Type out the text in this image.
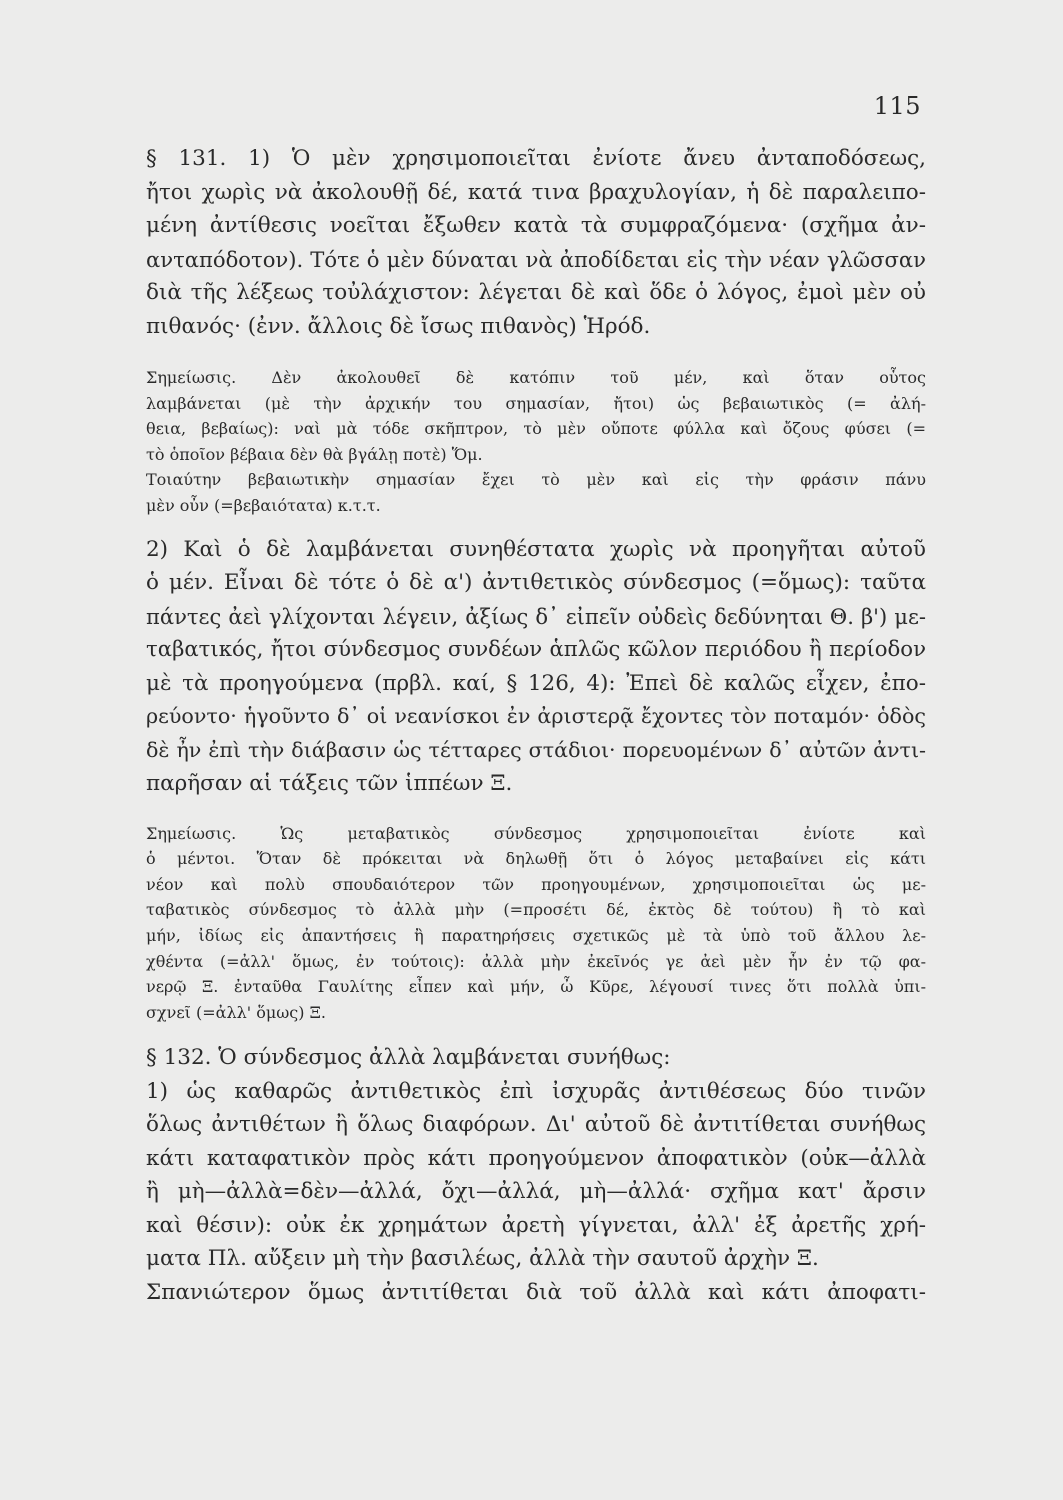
115
§ 131. 1) Ὁ μὲν χρησιμοποιεῖται ἐνίοτε ἄνευ ἀνταποδόσεως,
ἤτοι χωρὶς νὰ ἀκολουθῇ δέ, κατά τινα βραχυλογίαν, ἡ δὲ παραλειπο-
μένη ἀντίθεσις νοεῖται ἔξωθεν κατὰ τὰ συμφραζόμενα· (σχῆμα ἀν-
ανταπόδοτον). Τότε ὁ μὲν δύναται νὰ ἀποδίδεται εἰς τὴν νέαν γλῶσσαν
διὰ τῆς λέξεως τοὐλάχιστον: λέγεται δὲ καὶ ὅδε ὁ λόγος, ἐμοὶ μὲν οὐ
πιθανός· (ἐνν. ἄλλοις δὲ ἴσως πιθανὸς) Ἡρόδ.
Σημείωσις. Δὲν ἀκολουθεῖ δὲ κατόπιν τοῦ μέν, καὶ ὅταν οὗτος
λαμβάνεται (μὲ τὴν ἀρχικήν του σημασίαν, ἤτοι) ὡς βεβαιωτικὸς (= ἀλή-
θεια, βεβαίως): ναὶ μὰ τόδε σκῆπτρον, τὸ μὲν οὔποτε φύλλα καὶ ὄζους φύσει (=
τὸ ὁποῖον βέβαια δὲν θὰ βγάλῃ ποτὲ) Ὅμ.
Τοιαύτην βεβαιωτικὴν σημασίαν ἔχει τὸ μὲν καὶ εἰς τὴν φράσιν πάνυ
μὲν οὖν (=βεβαιότατα) κ.τ.τ.
2) Καὶ ὁ δὲ λαμβάνεται συνηθέστατα χωρὶς νὰ προηγῆται αὐτοῦ
ὁ μέν. Εἶναι δὲ τότε ὁ δὲ α') ἀντιθετικὸς σύνδεσμος (=ὅμως): ταῦτα
πάντες ἀεὶ γλίχονται λέγειν, ἀξίως δ᾽ εἰπεῖν οὐδεὶς δεδύνηται Θ. β') με-
ταβατικός, ἤτοι σύνδεσμος συνδέων ἁπλῶς κῶλον περιόδου ἢ περίοδον
μὲ τὰ προηγούμενα (πρβλ. καί, § 126, 4): Ἐπεὶ δὲ καλῶς εἶχεν, ἐπο-
ρεύοντο· ἡγοῦντο δ᾽ οἱ νεανίσκοι ἐν ἀριστερᾷ ἔχοντες τὸν ποταμόν· ὁδὸς
δὲ ἦν ἐπὶ τὴν διάβασιν ὡς τέτταρες στάδιοι· πορευομένων δ᾽ αὐτῶν ἀντι-
παρῆσαν αἱ τάξεις τῶν ἱππέων Ξ.
Σημείωσις. Ὡς μεταβατικὸς σύνδεσμος χρησιμοποιεῖται ἐνίοτε καὶ
ὁ μέντοι. Ὅταν δὲ πρόκειται νὰ δηλωθῇ ὅτι ὁ λόγος μεταβαίνει εἰς κάτι
νέον καὶ πολὺ σπουδαιότερον τῶν προηγουμένων, χρησιμοποιεῖται ὡς με-
ταβατικὸς σύνδεσμος τὸ ἀλλὰ μὴν (=προσέτι δέ, ἐκτὸς δὲ τούτου) ἢ τὸ καὶ
μήν, ἰδίως εἰς ἀπαντήσεις ἢ παρατηρήσεις σχετικῶς μὲ τὰ ὑπὸ τοῦ ἄλλου λε-
χθέντα (=ἀλλ' ὅμως, ἐν τούτοις): ἀλλὰ μὴν ἐκεῖνός γε ἀεὶ μὲν ἦν ἐν τῷ φα-
νερῷ Ξ. ἐνταῦθα Γαυλίτης εἶπεν καὶ μήν, ὦ Κῦρε, λέγουσί τινες ὅτι πολλὰ ὑπι-
σχνεῖ (=ἀλλ' ὅμως) Ξ.
§ 132. Ὁ σύνδεσμος ἀλλὰ λαμβάνεται συνήθως:
1) ὡς καθαρῶς ἀντιθετικὸς ἐπὶ ἰσχυρᾶς ἀντιθέσεως δύο τινῶν
ὅλως ἀντιθέτων ἢ ὅλως διαφόρων. Δι' αὐτοῦ δὲ ἀντιτίθεται συνήθως
κάτι καταφατικὸν πρὸς κάτι προηγούμενον ἀποφατικὸν (οὐκ—ἀλλὰ
ἢ μὴ—ἀλλὰ=δὲν—ἀλλά, ὄχι—ἀλλά, μὴ—ἀλλά· σχῆμα κατ' ἄρσιν
καὶ θέσιν): οὐκ ἐκ χρημάτων ἀρετὴ γίγνεται, ἀλλ' ἐξ ἀρετῆς χρή-
ματα Πλ. αὔξειν μὴ τὴν βασιλέως, ἀλλὰ τὴν σαυτοῦ ἀρχὴν Ξ.
Σπανιώτερον ὅμως ἀντιτίθεται διὰ τοῦ ἀλλὰ καὶ κάτι ἀποφατι-
